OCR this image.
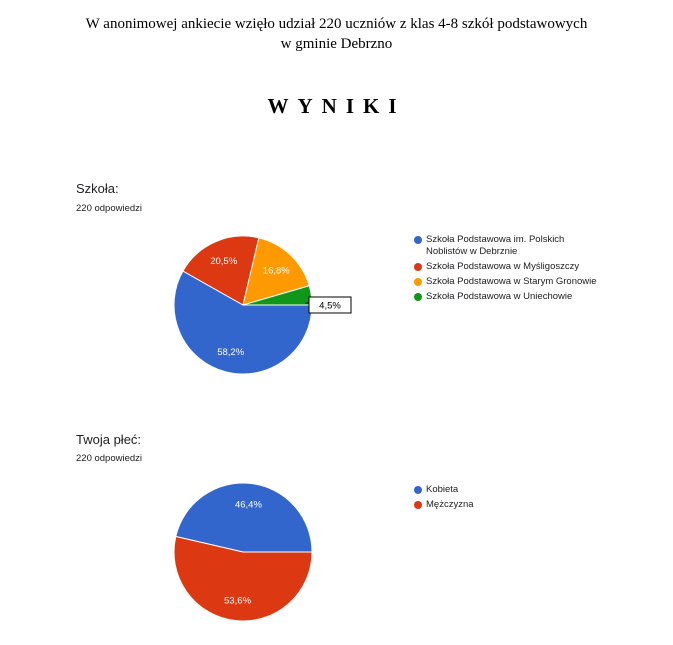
W anonimowej ankiecie wzięło udział 220 uczniów z klas 4-8 szkół podstawowych
w gminie Debrzno
WYNIKI
Szkoła:
220 odpowiedzi
58,2%
20,5%
16,8%
4,5%
Szkoła Podstawowa im. Polskich Noblistów w Debrznie
Szkoła Podstawowa w Myśligoszczy
Szkoła Podstawowa w Starym Gronowie
Szkoła Podstawowa w Uniechowie
Twoja płeć:
220 odpowiedzi
46,4%
53,6%
Kobieta
Mężczyzna
